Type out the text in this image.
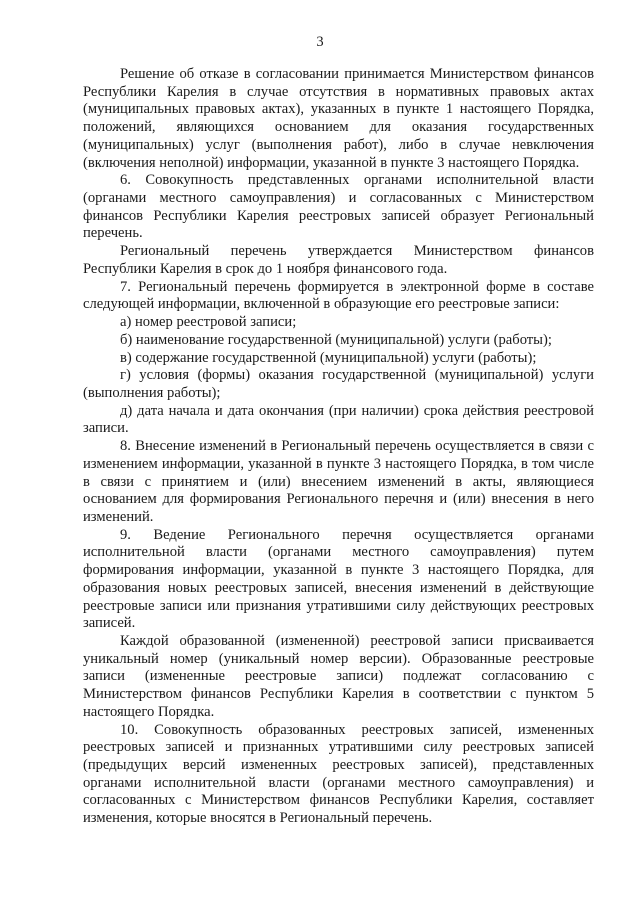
3

Решение об отказе в согласовании принимается Министерством финансов Республики Карелия в случае отсутствия в нормативных правовых актах (муниципальных правовых актах), указанных в пункте 1 настоящего Порядка, положений, являющихся основанием для оказания государственных (муниципальных) услуг (выполнения работ), либо в случае невключения (включения неполной) информации, указанной в пункте 3 настоящего Порядка.

6. Совокупность представленных органами исполнительной власти (органами местного самоуправления) и согласованных с Министерством финансов Республики Карелия реестровых записей образует Региональный перечень.

Региональный перечень утверждается Министерством финансов Республики Карелия в срок до 1 ноября финансового года.

7. Региональный перечень формируется в электронной форме в составе следующей информации, включенной в образующие его реестровые записи:

а) номер реестровой записи;

б) наименование государственной (муниципальной) услуги (работы);

в) содержание государственной (муниципальной) услуги (работы);

г) условия (формы) оказания государственной (муниципальной) услуги (выполнения работы);

д) дата начала и дата окончания (при наличии) срока действия реестровой записи.

8. Внесение изменений в Региональный перечень осуществляется в связи с изменением информации, указанной в пункте 3 настоящего Порядка, в том числе в связи с принятием и (или) внесением изменений в акты, являющиеся основанием для формирования Регионального перечня и (или) внесения в него изменений.

9. Ведение Регионального перечня осуществляется органами исполнительной власти (органами местного самоуправления) путем формирования информации, указанной в пункте 3 настоящего Порядка, для образования новых реестровых записей, внесения изменений в действующие реестровые записи или признания утратившими силу действующих реестровых записей.

Каждой образованной (измененной) реестровой записи присваивается уникальный номер (уникальный номер версии). Образованные реестровые записи (измененные реестровые записи) подлежат согласованию с Министерством финансов Республики Карелия в соответствии с пунктом 5 настоящего Порядка.

10. Совокупность образованных реестровых записей, измененных реестровых записей и признанных утратившими силу реестровых записей (предыдущих версий измененных реестровых записей), представленных органами исполнительной власти (органами местного самоуправления) и согласованных с Министерством финансов Республики Карелия, составляет изменения, которые вносятся в Региональный перечень.
